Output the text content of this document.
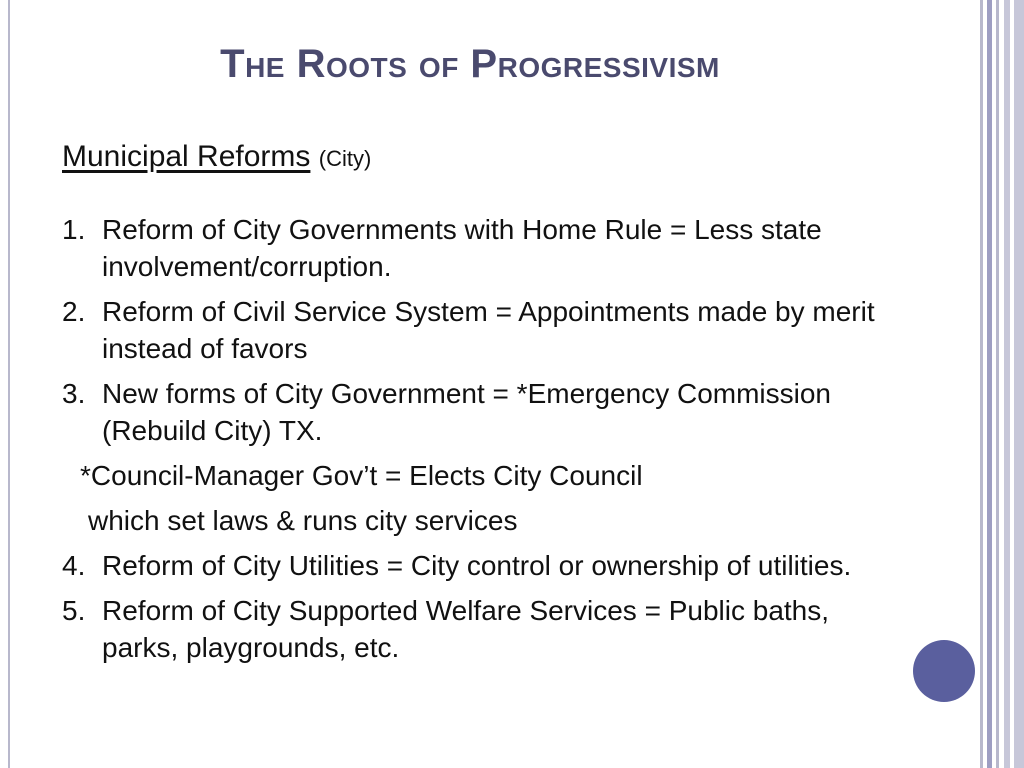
The Roots of Progressivism
Municipal Reforms (City)
1. Reform of City Governments with Home Rule = Less state involvement/corruption.
2. Reform of Civil Service System = Appointments made by merit instead of favors
3. New forms of City Government = *Emergency Commission (Rebuild City) TX.
*Council-Manager Gov’t = Elects City Council
which set laws & runs city services
4. Reform of City Utilities = City control or ownership of utilities.
5. Reform of City Supported Welfare Services = Public baths, parks, playgrounds, etc.
